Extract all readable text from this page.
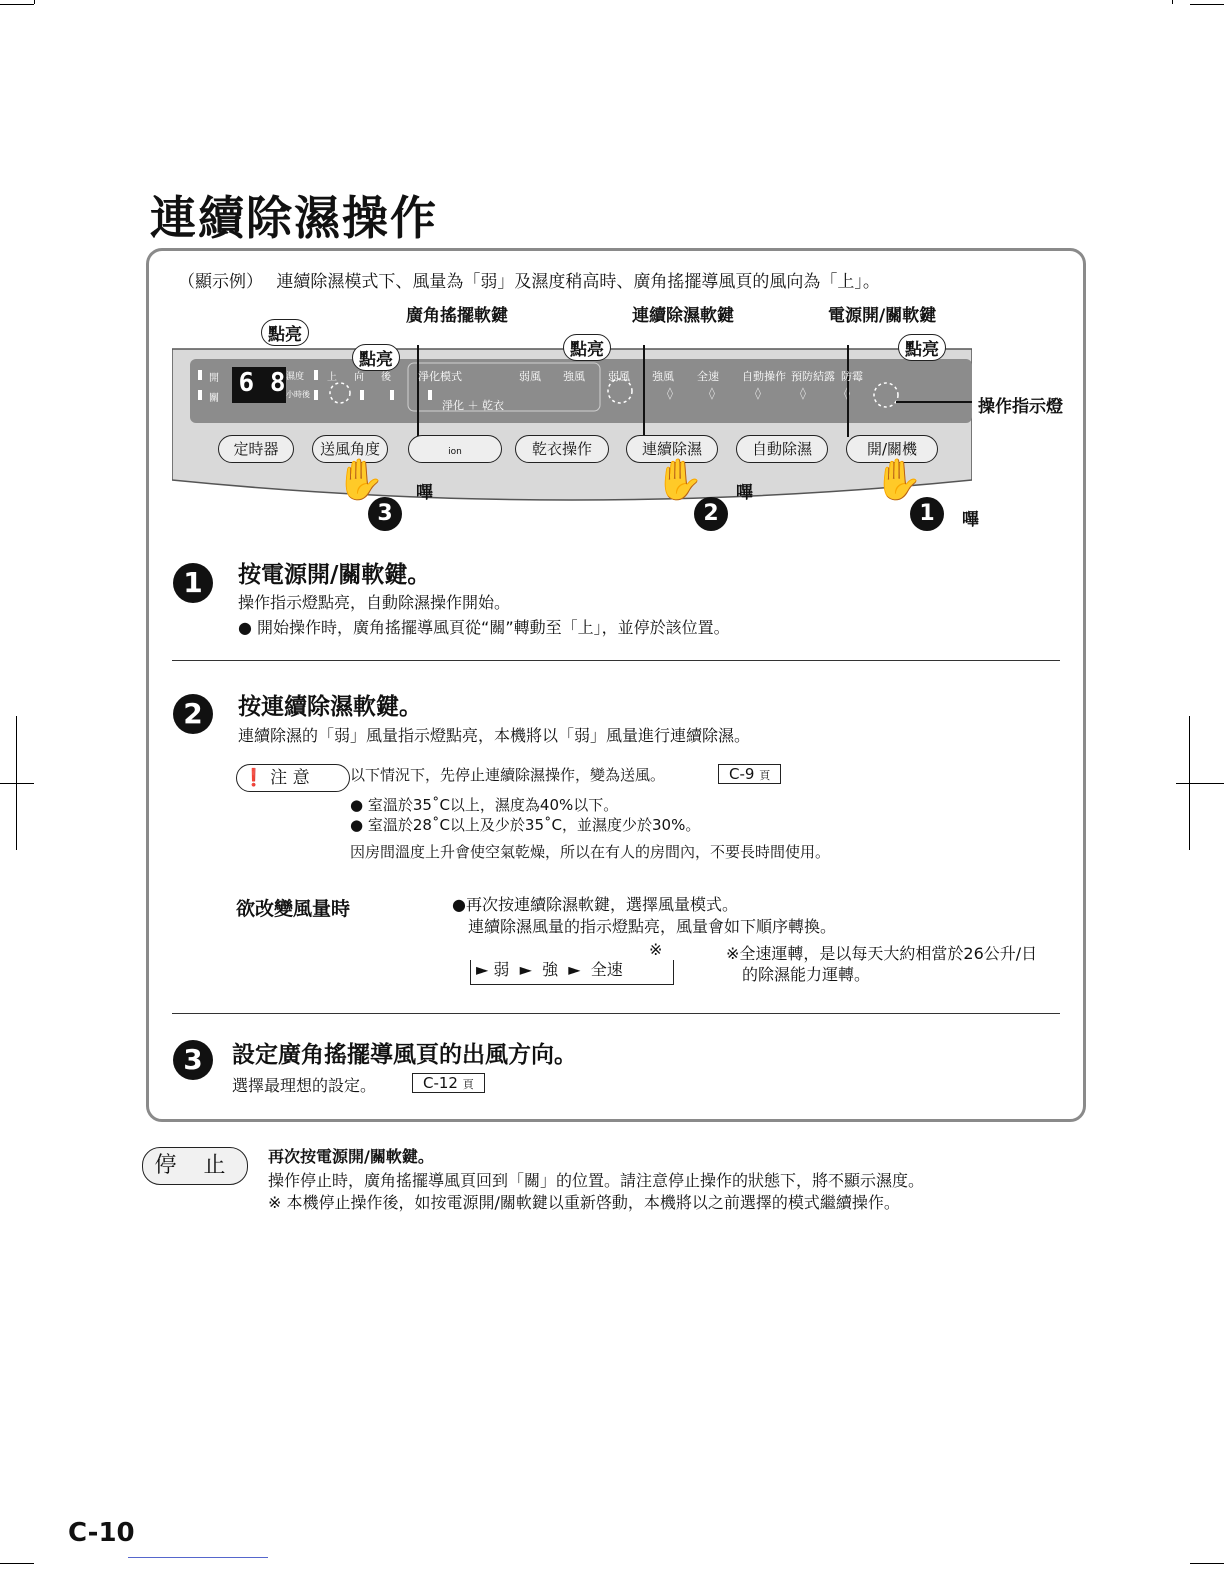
連續除濕操作
（顯示例） 連續除濕模式下、風量為「弱」及濕度稍高時、廣角搖擺導風頁的風向為「上」。
廣角搖擺軟鍵	連續除濕軟鍵	電源開/關軟鍵
操作指示燈
◊	◊	◊	◊	◊
6 8
開
關
濕度
小時後
上 向 後 淨化模式
淨化 ＋ 乾衣
弱風 強風 弱風 強風 全速 自動操作 預防結露 防霉
定時器	送風角度	ion	乾衣操作	連續除濕	自動除濕	開/關機
點亮
點亮	點亮	點亮
3	2	1
✋	✋	✋
嗶	嗶
嗶
1	按電源開/關軟鍵。
操作指示燈點亮，自動除濕操作開始。
● 開始操作時，廣角搖擺導風頁從“關”轉動至「上」，並停於該位置。
2	按連續除濕軟鍵。
連續除濕的「弱」風量指示燈點亮，本機將以「弱」風量進行連續除濕。
❗ 注 意	以下情況下，先停止連續除濕操作，變為送風。	C-9 頁
● 室溫於35˚C以上，濕度為40%以下。
● 室溫於28˚C以上及少於35˚C，並濕度少於30%。
因房間溫度上升會使空氣乾燥，所以在有人的房間內，不要長時間使用。
欲改變風量時	●再次按連續除濕軟鍵，選擇風量模式。
連續除濕風量的指示燈點亮，風量會如下順序轉換。
※
► 弱  ►  強  ►  全速
※全速運轉，是以每天大約相當於26公升/日
的除濕能力運轉。
3	設定廣角搖擺導風頁的出風方向。
選擇最理想的設定。	C-12 頁
停 止	再次按電源開/關軟鍵。
操作停止時，廣角搖擺導風頁回到「關」的位置。請注意停止操作的狀態下，將不顯示濕度。
※ 本機停止操作後，如按電源開/關軟鍵以重新啓動，本機將以之前選擇的模式繼續操作。
C-10
